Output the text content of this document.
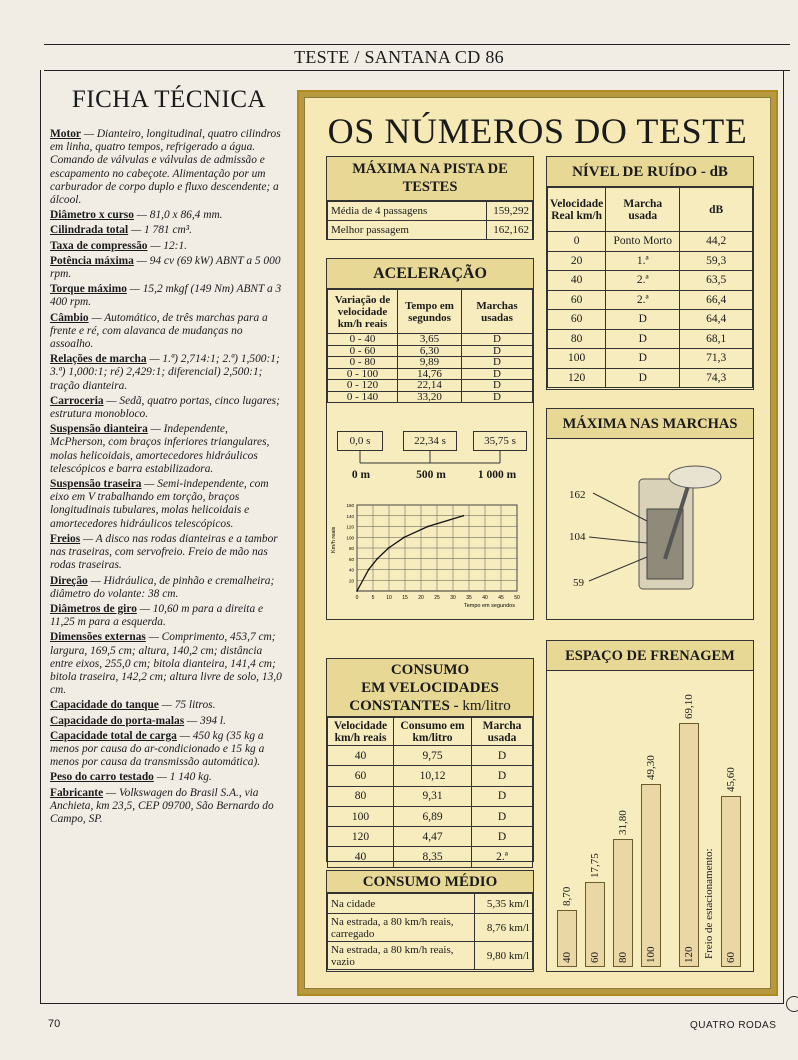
TESTE / SANTANA CD 86
FICHA TÉCNICA

Motor — Dianteiro, longitudinal, quatro cilindros em linha, quatro tempos, refrigerado a água. Comando de válvulas e válvulas de admissão e escapamento no cabeçote. Alimentação por um carburador de corpo duplo e fluxo descendente; a álcool.

Diâmetro x curso — 81,0 x 86,4 mm.

Cilindrada total — 1 781 cm³.

Taxa de compressão — 12:1.

Potência máxima — 94 cv (69 kW) ABNT a 5 000 rpm.

Torque máximo — 15,2 mkgf (149 Nm) ABNT a 3 400 rpm.

Câmbio — Automático, de três marchas para a frente e ré, com alavanca de mudanças no assoalho.

Relações de marcha — 1.ª) 2,714:1; 2.ª) 1,500:1; 3.ª) 1,000:1; ré) 2,429:1; diferencial) 2,500:1; tração dianteira.

Carroceria — Sedã, quatro portas, cinco lugares; estrutura monobloco.

Suspensão dianteira — Independente, McPherson, com braços inferiores triangulares, molas helicoidais, amortecedores hidráulicos telescópicos e barra estabilizadora.

Suspensão traseira — Semi-independente, com eixo em V trabalhando em torção, braços longitudinais tubulares, molas helicoidais e amortecedores hidráulicos telescópicos.

Freios — A disco nas rodas dianteiras e a tambor nas traseiras, com servofreio. Freio de mão nas rodas traseiras.

Direção — Hidráulica, de pinhão e cremalheira; diâmetro do volante: 38 cm.

Diâmetros de giro — 10,60 m para a direita e 11,25 m para a esquerda.

Dimensões externas — Comprimento, 453,7 cm; largura, 169,5 cm; altura, 140,2 cm; distância entre eixos, 255,0 cm; bitola dianteira, 141,4 cm; bitola traseira, 142,2 cm; altura livre de solo, 13,0 cm.

Capacidade do tanque — 75 litros.

Capacidade do porta-malas — 394 l.

Capacidade total de carga — 450 kg (35 kg a menos por causa do ar-condicionado e 15 kg a menos por causa da transmissão automática).

Peso do carro testado — 1 140 kg.

Fabricante — Volkswagen do Brasil S.A., via Anchieta, km 23,5, CEP 09700, São Bernardo do Campo, SP.

OS NÚMEROS DO TESTE
MÁXIMA NA PISTA DE
TESTES
Média de 4 passagens	159,292
Melhor passagem	162,162
NÍVEL DE RUÍDO - dB
Velocidade Real km/h	Marcha usada	dB
0	Ponto Morto	44,2
20	1.ª	59,3
40	2.ª	63,5
60	2.ª	66,4
60	D	64,4
80	D	68,1
100	D	71,3
120	D	74,3
ACELERAÇÃO
Variação de velocidade km/h reais	Tempo em segundos	Marchas usadas
0 - 40	3,65	D
0 - 60	6,30	D
0 - 80	9,89	D
0 - 100	14,76	D
0 - 120	22,14	D
0 - 140	33,20	D
0,0 s	22,34 s	35,75 s
0 m	500 m	1 000 m
0	5 10 15 20 25 30 35 40 45 50
20
40
60
80
100
120
140
160
Tempo em segundos
Km/h reais
MÁXIMA NAS MARCHAS
162
104
59
CONSUMO
EM VELOCIDADES
CONSTANTES - km/litro
Velocidade km/h reais	Consumo em km/litro	Marcha usada
40	9,75	D
60	10,12	D
80	9,31	D
100	6,89	D
120	4,47	D
40	8,35	2.ª
CONSUMO MÉDIO
Na cidade	5,35 km/l
Na estrada, a 80 km/h reais, carregado	8,76 km/l
Na estrada, a 80 km/h reais, vazio	9,80 km/l
ESPAÇO DE FRENAGEM
40
8,70
60
17,75
80
31,80
100
49,30
120
69,10
60
45,60
Freio de estacionamento:
70	QUATRO RODAS
